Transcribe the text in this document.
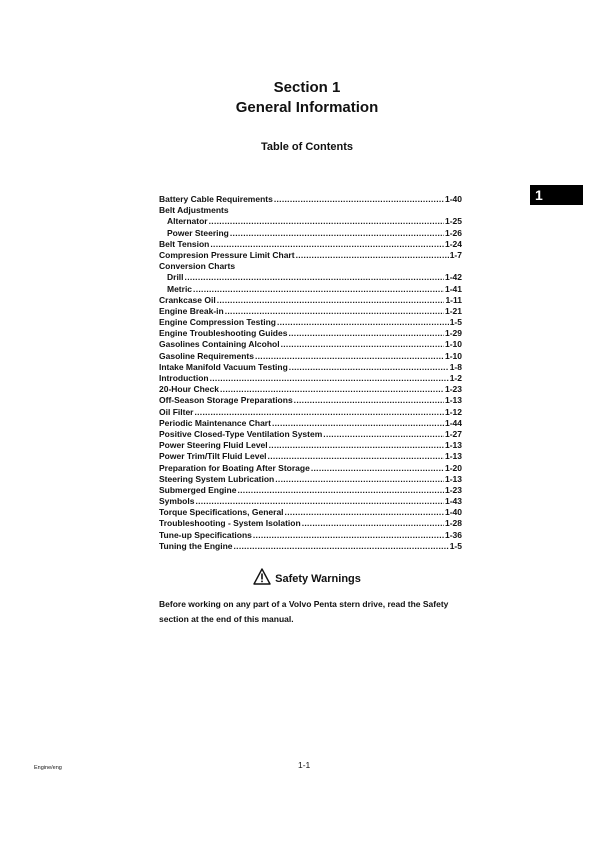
Section 1
General Information
Table of Contents
1
Battery Cable Requirements .....	1-40
Belt Adjustments
Alternator .....	1-25
Power Steering .....	1-26
Belt Tension .....	1-24
Compresion Pressure Limit Chart .....	1-7
Conversion Charts
Drill .....	1-42
Metric .....	1-41
Crankcase Oil .....	1-11
Engine Break-in .....	1-21
Engine Compression Testing .....	1-5
Engine Troubleshooting Guides .....	1-29
Gasolines Containing Alcohol .....	1-10
Gasoline Requirements .....	1-10
Intake Manifold Vacuum Testing .....	1-8
Introduction .....	1-2
20-Hour Check .....	1-23
Off-Season Storage Preparations .....	1-13
Oil Filter .....	1-12
Periodic Maintenance Chart .....	1-44
Positive Closed-Type Ventilation System .....	1-27
Power Steering Fluid Level .....	1-13
Power Trim/Tilt Fluid Level .....	1-13
Preparation for Boating After Storage .....	1-20
Steering System Lubrication .....	1-13
Submerged Engine .....	1-23
Symbols .....	1-43
Torque Specifications, General .....	1-40
Troubleshooting - System Isolation .....	1-28
Tune-up Specifications .....	1-36
Tuning the Engine .....	1-5
Safety Warnings
Before working on any part of a Volvo Penta stern drive, read the Safety section at the end of this manual.
1-1
Engine/eng
